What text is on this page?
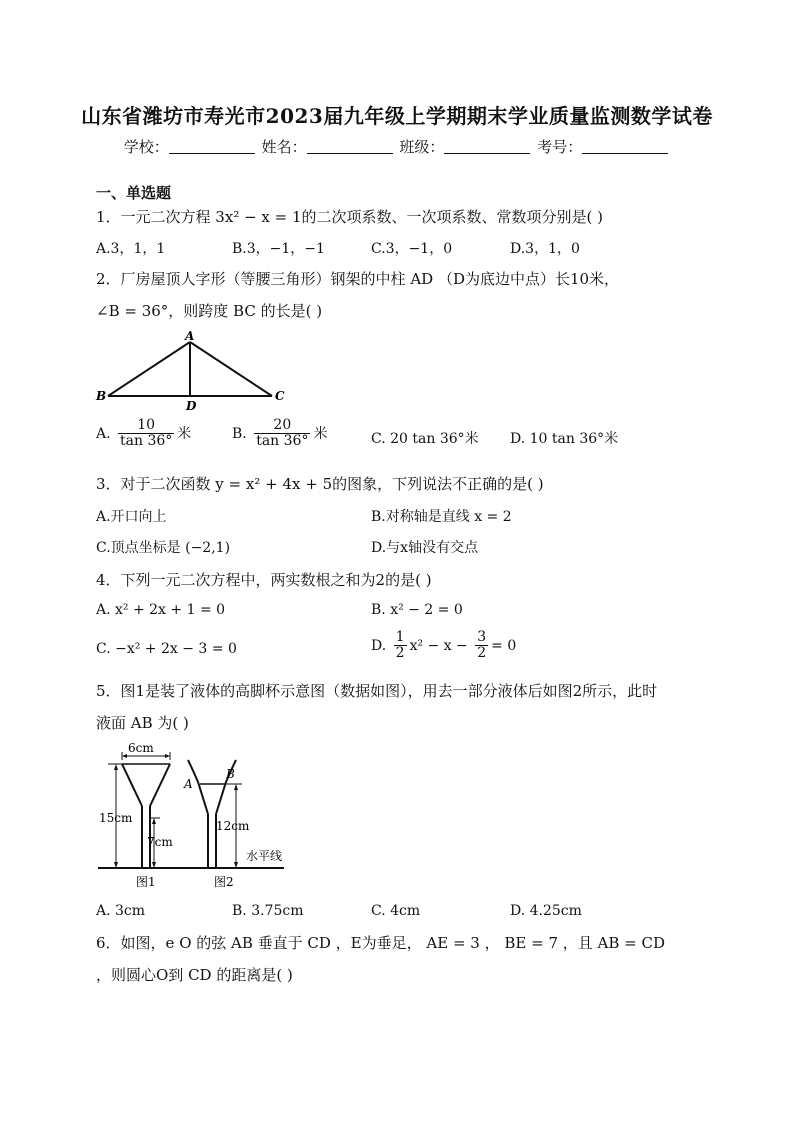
山东省潍坊市寿光市2023届九年级上学期期末学业质量监测数学试卷
学校：	姓名：	班级：	考号：
一、单选题
1．一元二次方程 3x² − x = 1的二次项系数、一次项系数、常数项分别是( )
A.3，1，1	B.3，−1，−1	C.3，−1，0	D.3，1，0
2．厂房屋顶人字形（等腰三角形）钢架的中柱 AD （D为底边中点）长10米，
∠B = 36°，则跨度 BC 的长是( )
A
B	C
D
A. $\frac{10}{\tan 36^\circ}$ 米	B. $\frac{20}{\tan 36^\circ}$ 米	C. 20 tan 36°米 D. 10 tan 36°米
3．对于二次函数 y = x² + 4x + 5的图象，下列说法不正确的是( )
A.开口向上	B.对称轴是直线 x = 2
C.顶点坐标是 (−2,1)	D.与x轴没有交点
4．下列一元二次方程中，两实数根之和为2的是( )
A. x² + 2x + 1 = 0	B. x² − 2 = 0
C. −x² + 2x − 3 = 0	D. $\frac{1}{2} x^2 - x - \frac{3}{2} = 0$
5．图1是装了液体的高脚杯示意图（数据如图），用去一部分液体后如图2所示，此时
液面 AB 为( )
6cm
15cm
7cm
12cm
A
B
水平线
图1	图2
A. 3cm	B. 3.75cm	C. 4cm	D. 4.25cm
6．如图，e O 的弦 AB 垂直于 CD ，E为垂足， AE = 3 ， BE = 7 ，且 AB = CD
，则圆心O到 CD 的距离是( )
